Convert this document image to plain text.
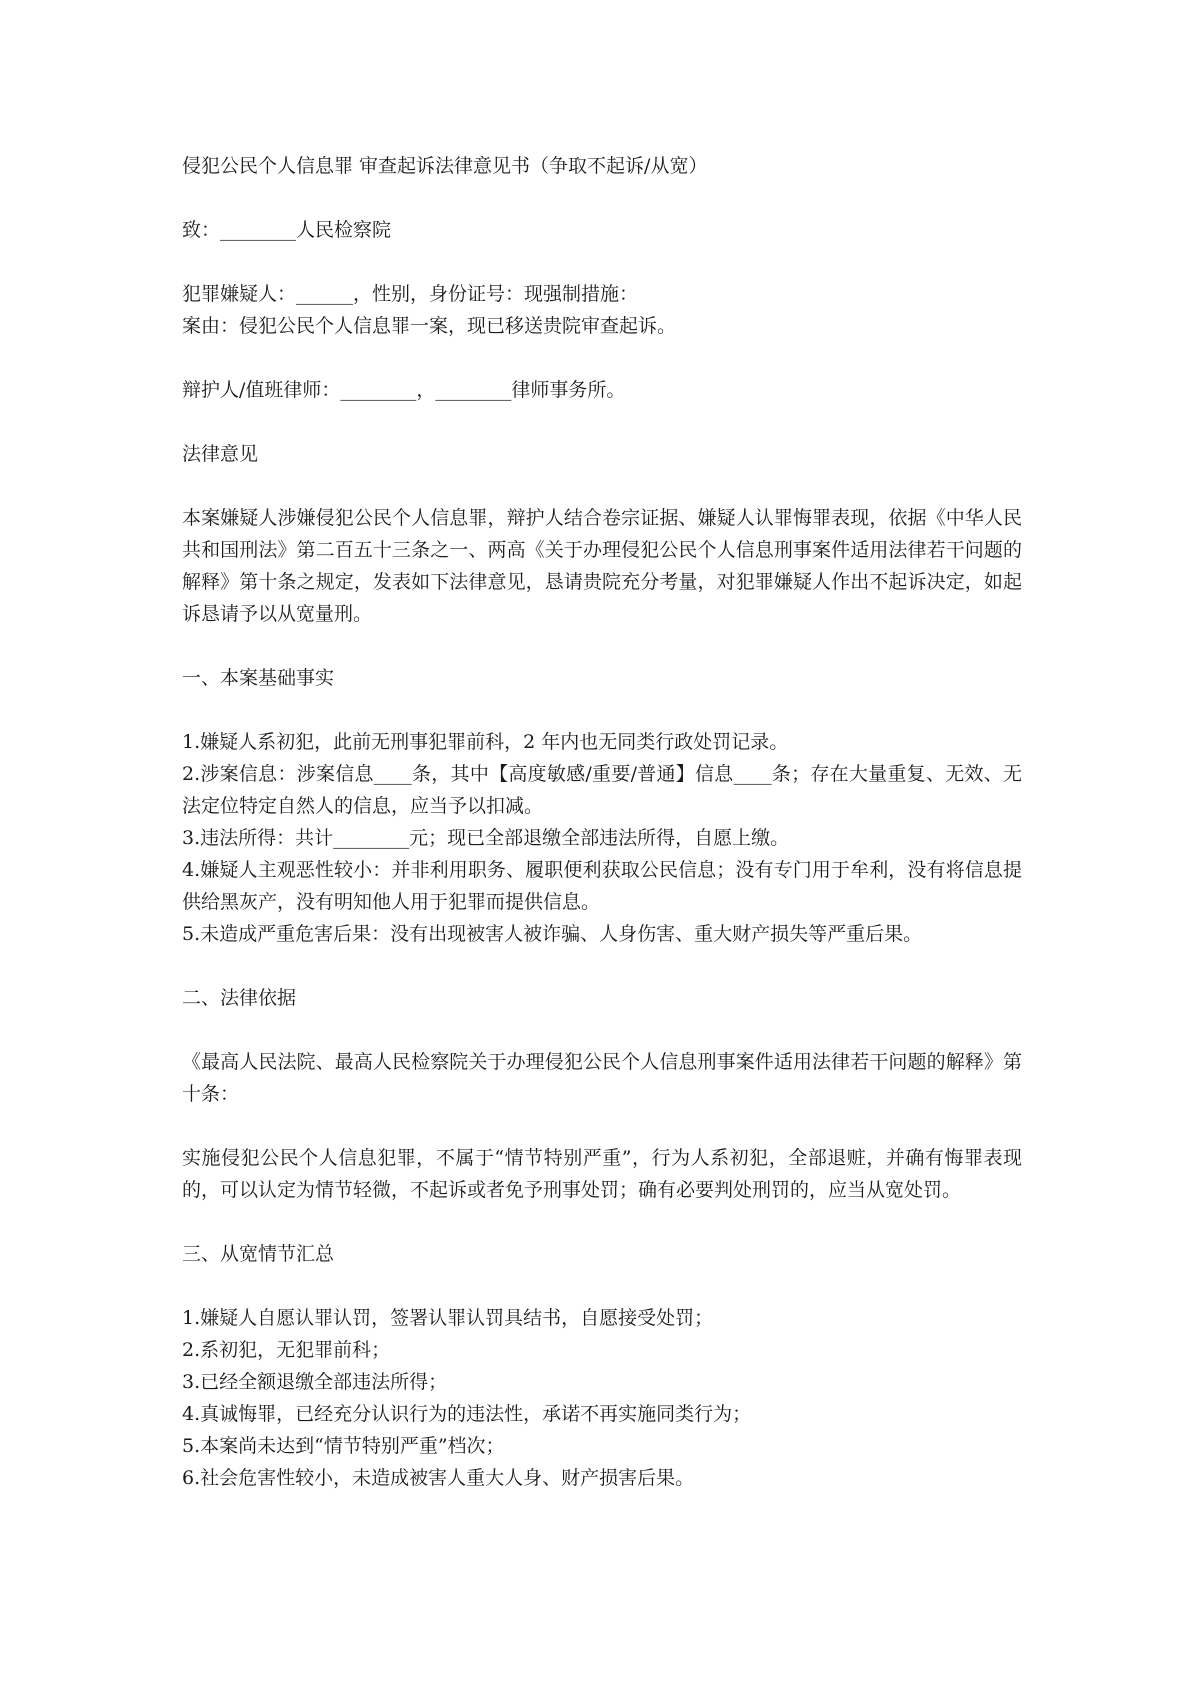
侵犯公民个人信息罪 审查起诉法律意见书（争取不起诉/从宽）
致：________人民检察院
犯罪嫌疑人：______，性别，身份证号：现强制措施：
案由：侵犯公民个人信息罪一案，现已移送贵院审查起诉。
辩护人/值班律师：________，________律师事务所。
法律意见
本案嫌疑人涉嫌侵犯公民个人信息罪，辩护人结合卷宗证据、嫌疑人认罪悔罪表现，依据《中华人民共和国刑法》第二百五十三条之一、两高《关于办理侵犯公民个人信息刑事案件适用法律若干问题的解释》第十条之规定，发表如下法律意见，恳请贵院充分考量，对犯罪嫌疑人作出不起诉决定，如起诉恳请予以从宽量刑。
一、本案基础事实
1.嫌疑人系初犯，此前无刑事犯罪前科，2 年内也无同类行政处罚记录。
2.涉案信息：涉案信息____条，其中【高度敏感/重要/普通】信息____条；存在大量重复、无效、无法定位特定自然人的信息，应当予以扣减。
3.违法所得：共计________元；现已全部退缴全部违法所得，自愿上缴。
4.嫌疑人主观恶性较小：并非利用职务、履职便利获取公民信息；没有专门用于牟利，没有将信息提供给黑灰产，没有明知他人用于犯罪而提供信息。
5.未造成严重危害后果：没有出现被害人被诈骗、人身伤害、重大财产损失等严重后果。
二、法律依据
《最高人民法院、最高人民检察院关于办理侵犯公民个人信息刑事案件适用法律若干问题的解释》第十条：
实施侵犯公民个人信息犯罪，不属于“情节特别严重”，行为人系初犯，全部退赃，并确有悔罪表现的，可以认定为情节轻微，不起诉或者免予刑事处罚；确有必要判处刑罚的，应当从宽处罚。
三、从宽情节汇总
1.嫌疑人自愿认罪认罚，签署认罪认罚具结书，自愿接受处罚；
2.系初犯，无犯罪前科；
3.已经全额退缴全部违法所得；
4.真诚悔罪，已经充分认识行为的违法性，承诺不再实施同类行为；
5.本案尚未达到“情节特别严重”档次；
6.社会危害性较小，未造成被害人重大人身、财产损害后果。
